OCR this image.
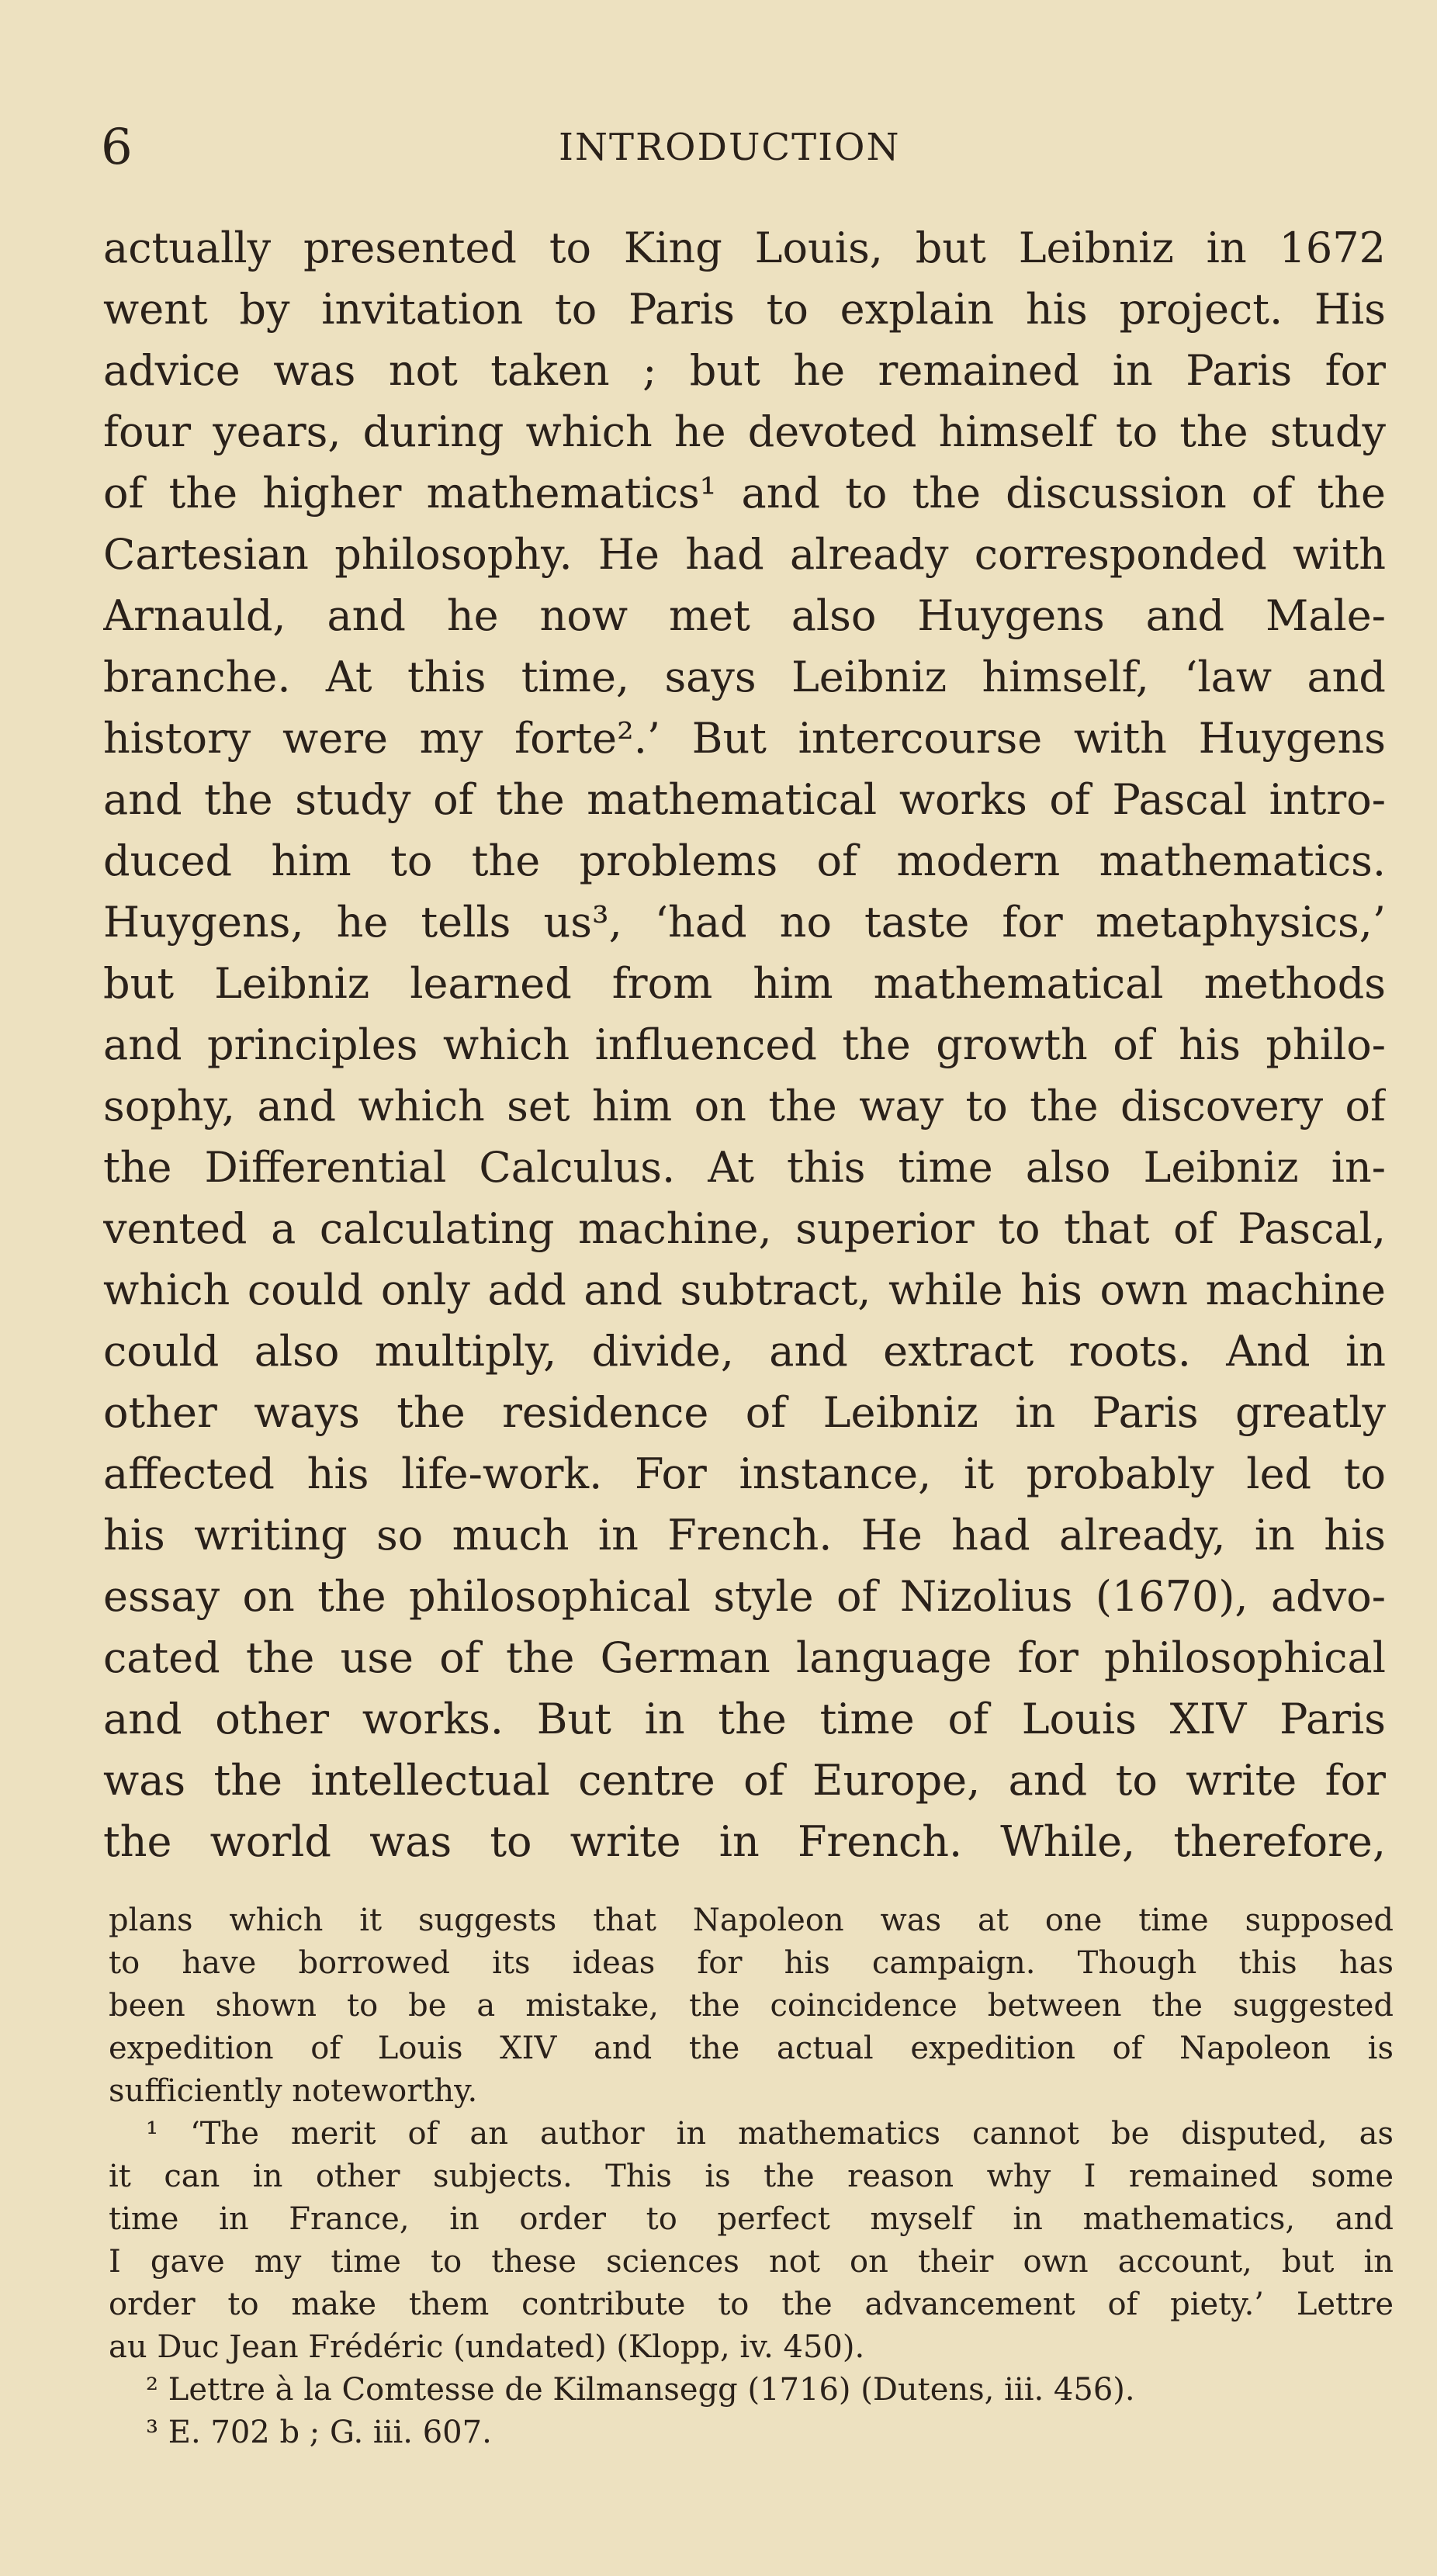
6	INTRODUCTION
actually presented to King Louis, but Leibniz in 1672
went by invitation to Paris to explain his project. His
advice was not taken ; but he remained in Paris for
four years, during which he devoted himself to the study
of the higher mathematics¹ and to the discussion of the
Cartesian philosophy. He had already corresponded with
Arnauld, and he now met also Huygens and Male-
branche. At this time, says Leibniz himself, ‘law and
history were my forte².’ But intercourse with Huygens
and the study of the mathematical works of Pascal intro-
duced him to the problems of modern mathematics.
Huygens, he tells us³, ‘had no taste for metaphysics,’
but Leibniz learned from him mathematical methods
and principles which influenced the growth of his philo-
sophy, and which set him on the way to the discovery of
the Differential Calculus. At this time also Leibniz in-
vented a calculating machine, superior to that of Pascal,
which could only add and subtract, while his own machine
could also multiply, divide, and extract roots. And in
other ways the residence of Leibniz in Paris greatly
affected his life-work. For instance, it probably led to
his writing so much in French. He had already, in his
essay on the philosophical style of Nizolius (1670), advo-
cated the use of the German language for philosophical
and other works. But in the time of Louis XIV Paris
was the intellectual centre of Europe, and to write for
the world was to write in French. While, therefore,
plans which it suggests that Napoleon was at one time supposed
to have borrowed its ideas for his campaign. Though this has
been shown to be a mistake, the coincidence between the suggested
expedition of Louis XIV and the actual expedition of Napoleon is
sufficiently noteworthy.
¹ ‘The merit of an author in mathematics cannot be disputed, as
it can in other subjects. This is the reason why I remained some
time in France, in order to perfect myself in mathematics, and
I gave my time to these sciences not on their own account, but in
order to make them contribute to the advancement of piety.’ Lettre
au Duc Jean Frédéric (undated) (Klopp, iv. 450).
² Lettre à la Comtesse de Kilmansegg (1716) (Dutens, iii. 456).
³ E. 702 b ; G. iii. 607.
